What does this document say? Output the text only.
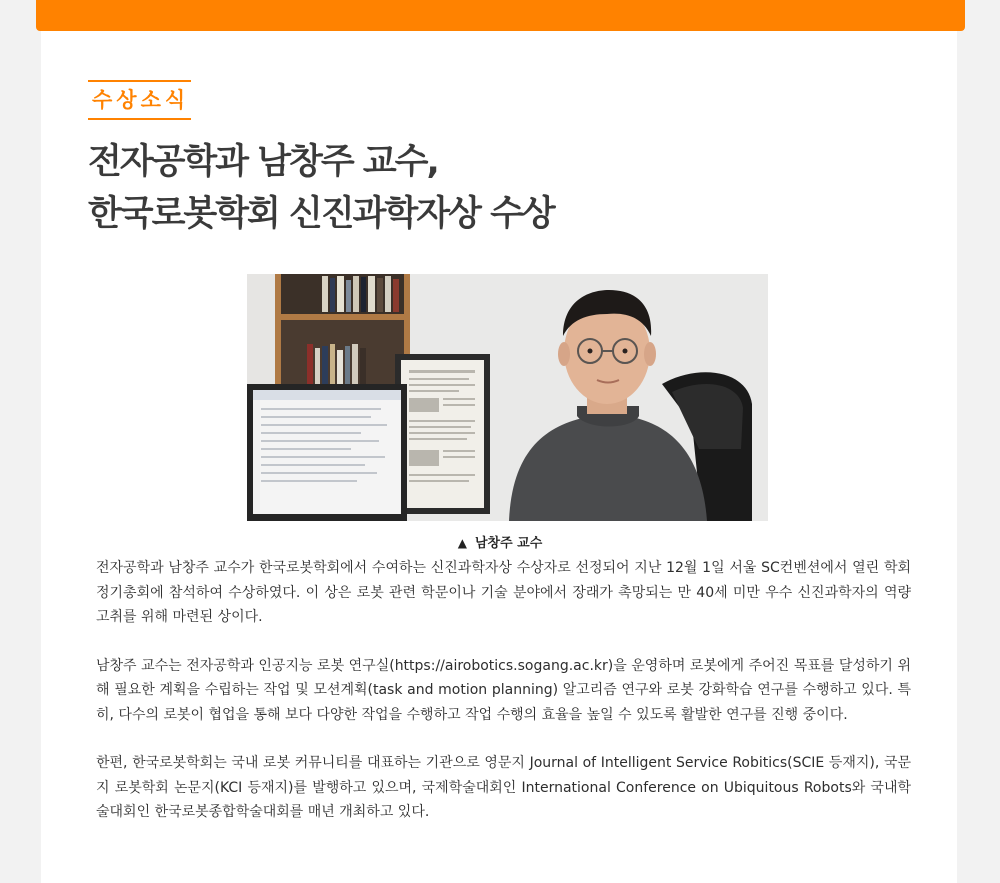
수상소식
전자공학과 남창주 교수,
한국로봇학회 신진과학자상 수상
▲ 남창주 교수

전자공학과 남창주 교수가 한국로봇학회에서 수여하는 신진과학자상 수상자로 선정되어 지난 12월 1일 서울 SC컨벤션에서 열린 학회 정기총회에 참석하여 수상하였다. 이 상은 로봇 관련 학문이나 기술 분야에서 장래가 촉망되는 만 40세 미만 우수 신진과학자의 역량 고취를 위해 마련된 상이다.

남창주 교수는 전자공학과 인공지능 로봇 연구실(https://airobotics.sogang.ac.kr)을 운영하며 로봇에게 주어진 목표를 달성하기 위해 필요한 계획을 수립하는 작업 및 모션계획(task and motion planning) 알고리즘 연구와 로봇 강화학습 연구를 수행하고 있다. 특히, 다수의 로봇이 협업을 통해 보다 다양한 작업을 수행하고 작업 수행의 효율을 높일 수 있도록 활발한 연구를 진행 중이다.

한편, 한국로봇학회는 국내 로봇 커뮤니티를 대표하는 기관으로 영문지 Journal of Intelligent Service Robitics(SCIE 등재지), 국문지 로봇학회 논문지(KCI 등재지)를 발행하고 있으며, 국제학술대회인 International Conference on Ubiquitous Robots와 국내학술대회인 한국로봇종합학술대회를 매년 개최하고 있다.
